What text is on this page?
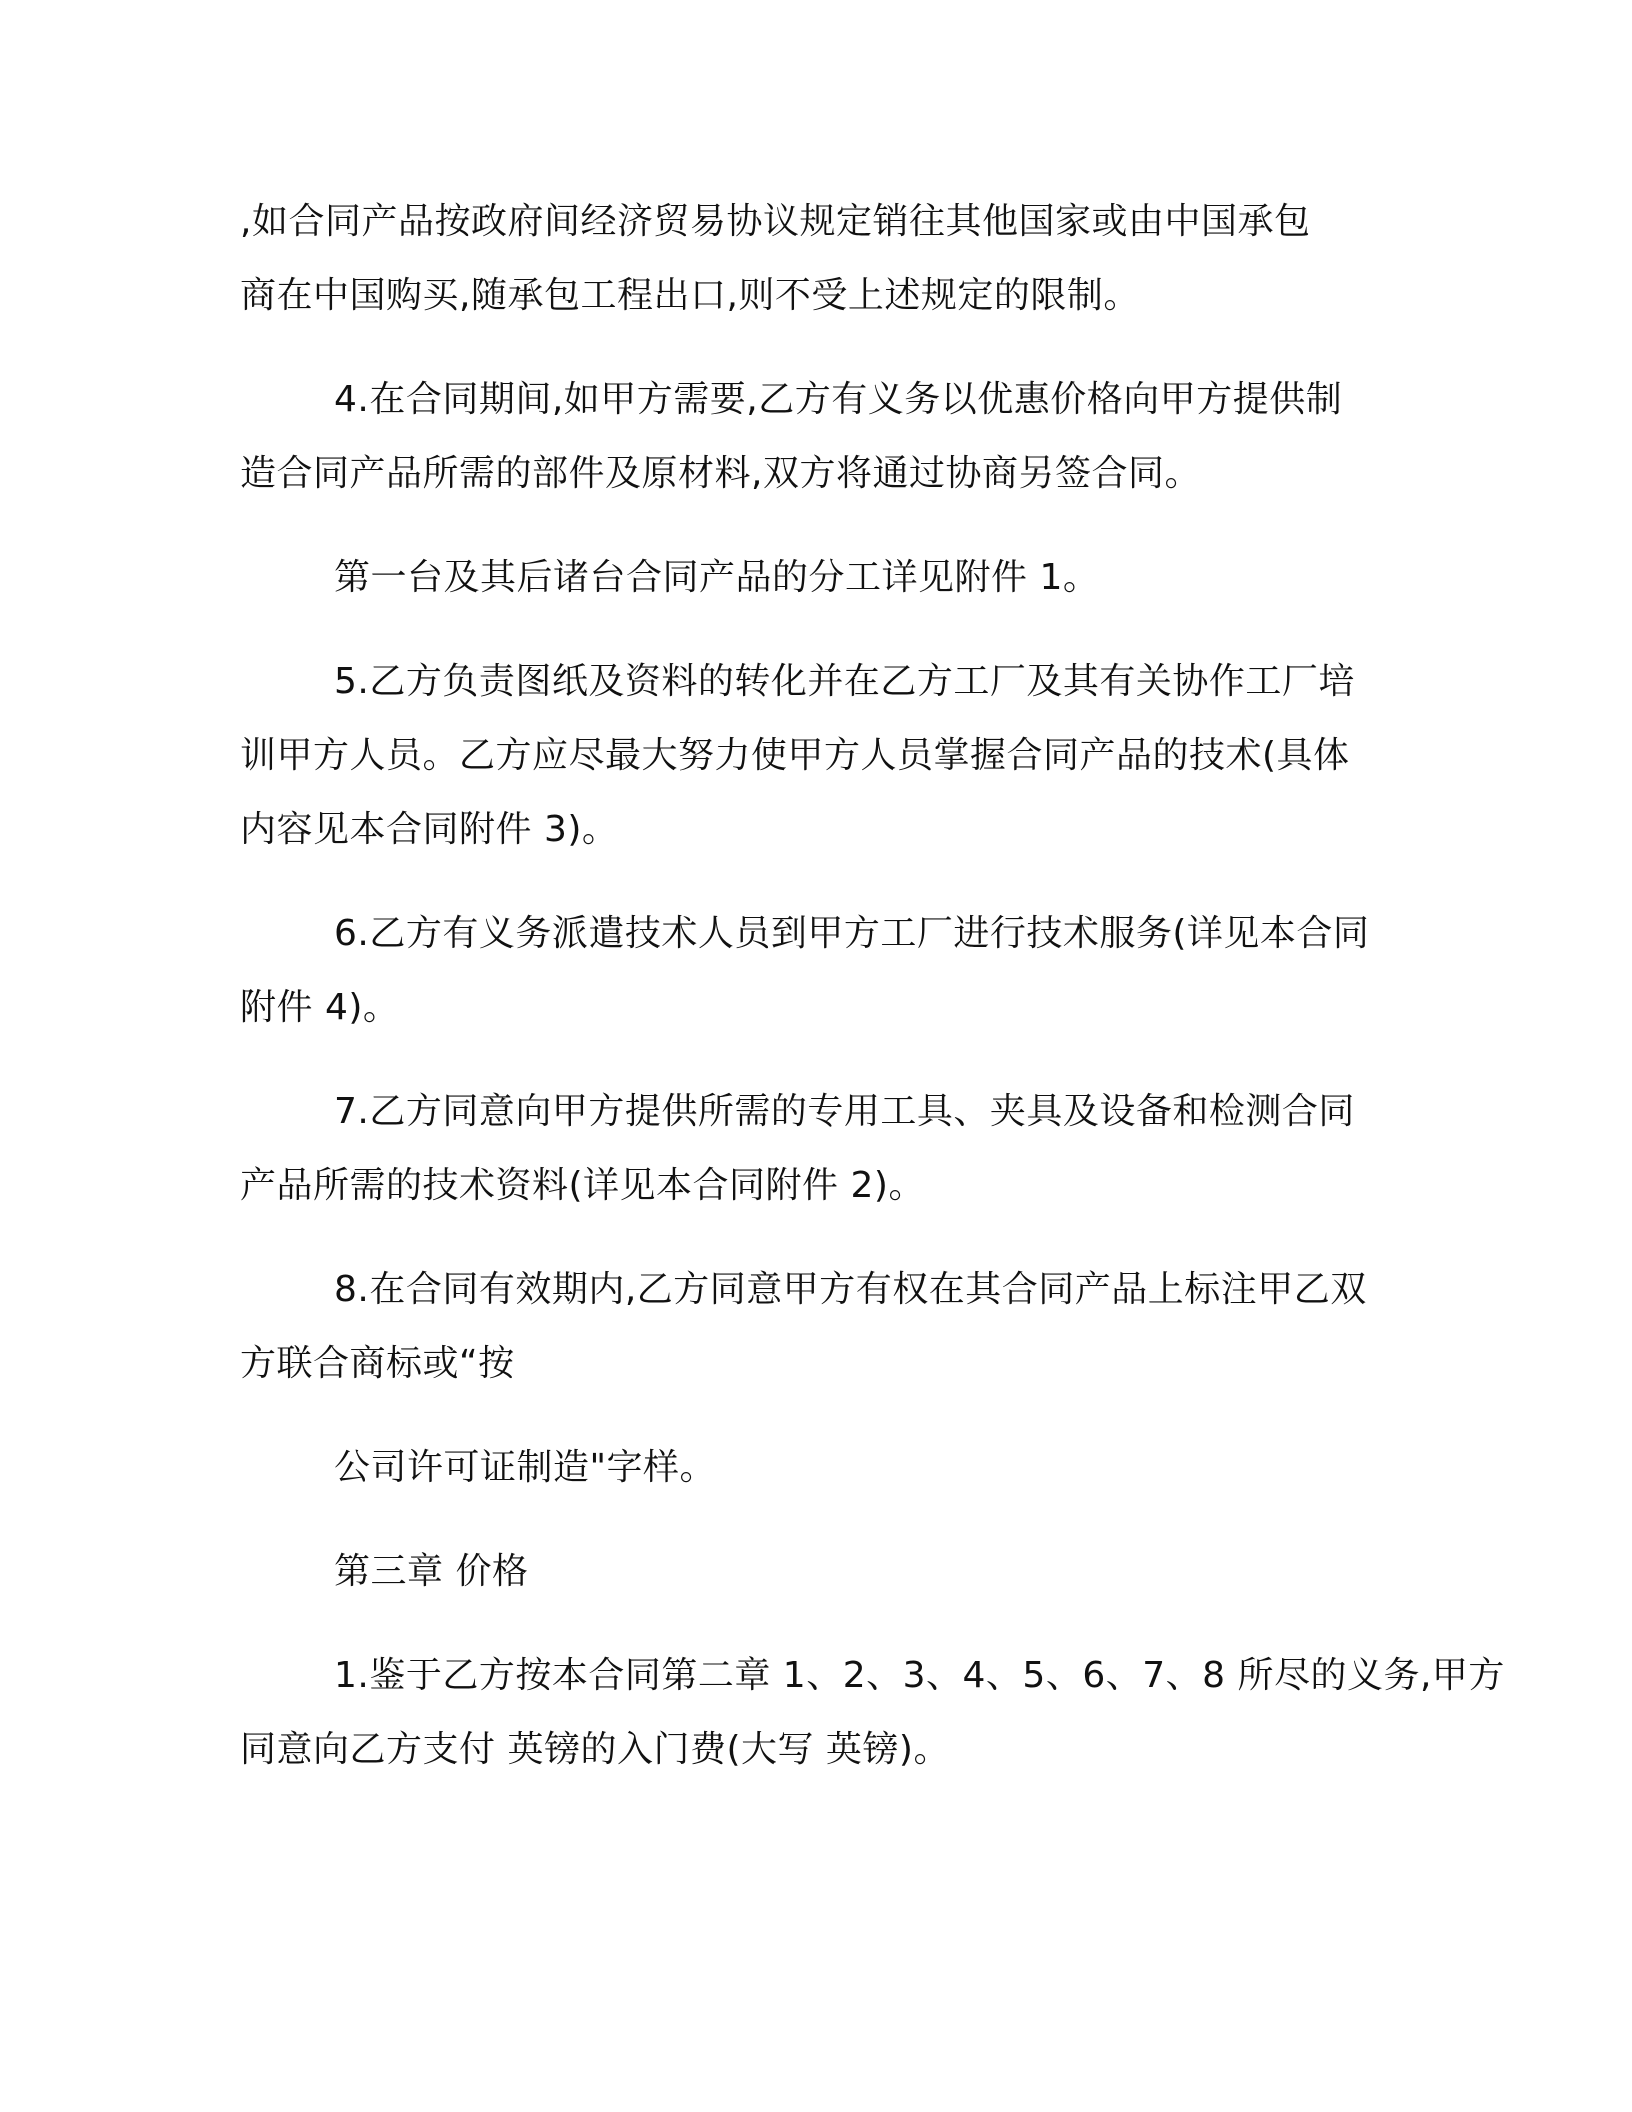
,如合同产品按政府间经济贸易协议规定销往其他国家或由中国承包
商在中国购买,随承包工程出口,则不受上述规定的限制。
4.在合同期间,如甲方需要,乙方有义务以优惠价格向甲方提供制
造合同产品所需的部件及原材料,双方将通过协商另签合同。
第一台及其后诸台合同产品的分工详见附件 1。
5.乙方负责图纸及资料的转化并在乙方工厂及其有关协作工厂培
训甲方人员。乙方应尽最大努力使甲方人员掌握合同产品的技术(具体
内容见本合同附件 3)。
6.乙方有义务派遣技术人员到甲方工厂进行技术服务(详见本合同
附件 4)。
7.乙方同意向甲方提供所需的专用工具、夹具及设备和检测合同
产品所需的技术资料(详见本合同附件 2)。
8.在合同有效期内,乙方同意甲方有权在其合同产品上标注甲乙双
方联合商标或“按
公司许可证制造"字样。
第三章 价格
1.鉴于乙方按本合同第二章 1、2、3、4、5、6、7、8 所尽的义务,甲方
同意向乙方支付 英镑的入门费(大写 英镑)。
